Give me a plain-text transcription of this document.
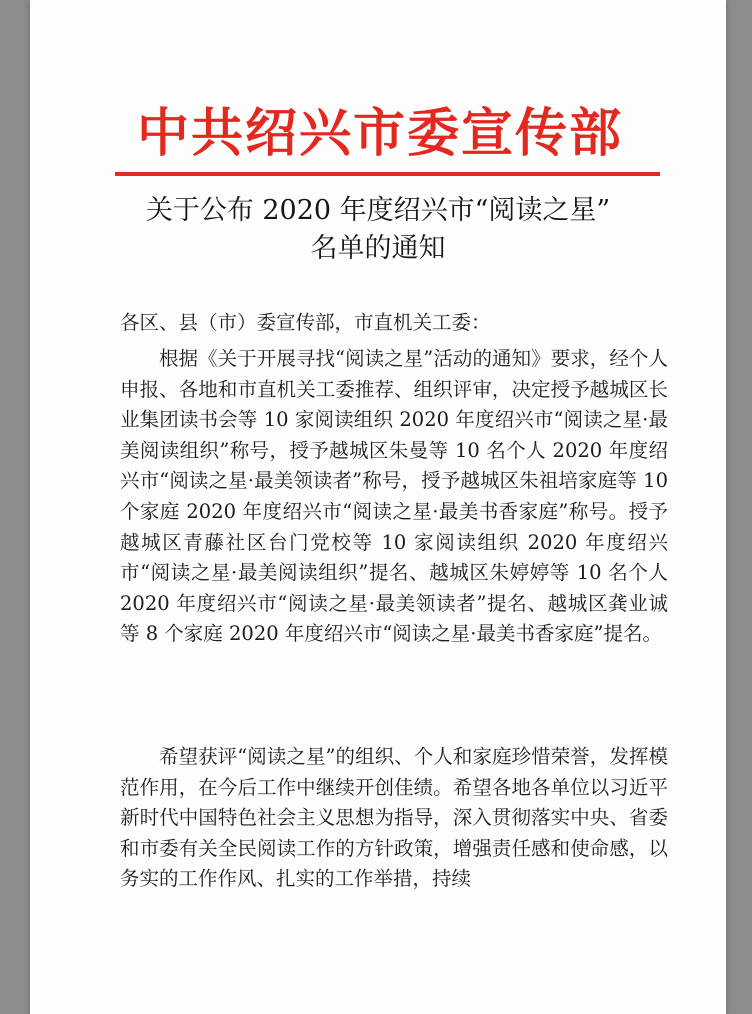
中共绍兴市委宣传部
关于公布 2020 年度绍兴市“阅读之星”
名单的通知

各区、县（市）委宣传部，市直机关工委：

根据《关于开展寻找“阅读之星”活动的通知》要求，经个人申报、各地和市直机关工委推荐、组织评审，决定授予越城区长业集团读书会等 10 家阅读组织 2020 年度绍兴市“阅读之星·最美阅读组织”称号，授予越城区朱曼等 10 名个人 2020 年度绍兴市“阅读之星·最美领读者”称号，授予越城区朱祖培家庭等 10 个家庭 2020 年度绍兴市“阅读之星·最美书香家庭”称号。授予越城区青藤社区台门党校等 10 家阅读组织 2020 年度绍兴市“阅读之星·最美阅读组织”提名、越城区朱婷婷等 10 名个人 2020 年度绍兴市“阅读之星·最美领读者”提名、越城区龚业诚等 8 个家庭 2020 年度绍兴市“阅读之星·最美书香家庭”提名。

希望获评“阅读之星”的组织、个人和家庭珍惜荣誉，发挥模范作用，在今后工作中继续开创佳绩。希望各地各单位以习近平新时代中国特色社会主义思想为指导，深入贯彻落实中央、省委和市委有关全民阅读工作的方针政策，增强责任感和使命感，以务实的工作作风、扎实的工作举措，持续
